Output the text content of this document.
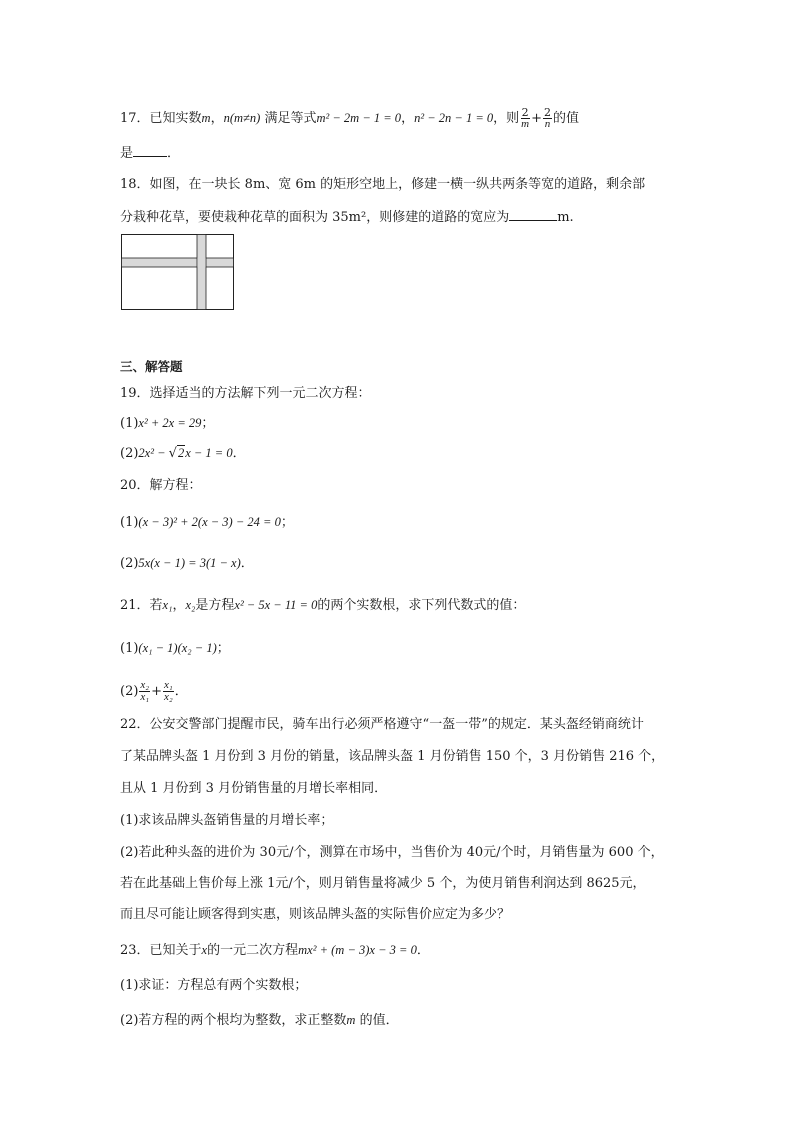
17．已知实数m，n(m≠n) 满足等式m² − 2m − 1 = 0，n² − 2n − 1 = 0，则 $\frac{2}{m} + \frac{2}{n}$ 的值
是	．
18．如图，在一块长 8m、宽 6m 的矩形空地上，修建一横一纵共两条等宽的道路，剩余部
分栽种花草，要使栽种花草的面积为 35m²，则修建的道路的宽应为	m.
三、解答题
19．选择适当的方法解下列一元二次方程：
(1)x² + 2x = 29；
(2)2x² − √2x − 1 = 0．
20．解方程：
(1)(x − 3)² + 2(x − 3) − 24 = 0；
(2)5x(x − 1) = 3(1 − x)．
21．若x₁，x₂是方程x² − 5x − 11 = 0的两个实数根，求下列代数式的值：
(1)(x₁ − 1)(x₂ − 1)；
$(2) \frac{\text{x₂}}{\text{x₁}} + \frac{\text{x₁}}{\text{x₂}}$ ．
22．公安交警部门提醒市民，骑车出行必须严格遵守“一盔一带”的规定．某头盔经销商统计
了某品牌头盔 1 月份到 3 月份的销量，该品牌头盔 1 月份销售 150 个，3 月份销售 216 个，
且从 1 月份到 3 月份销售量的月增长率相同．
(1)求该品牌头盔销售量的月增长率；
(2)若此种头盔的进价为 30元/个，测算在市场中，当售价为 40元/个时，月销售量为 600 个，
若在此基础上售价每上涨 1元/个，则月销售量将减少 5 个，为使月销售利润达到 8625元，
而且尽可能让顾客得到实惠，则该品牌头盔的实际售价应定为多少？
23．已知关于x的一元二次方程mx² + (m − 3)x − 3 = 0．
(1)求证：方程总有两个实数根；
(2)若方程的两个根均为整数，求正整数m 的值．
